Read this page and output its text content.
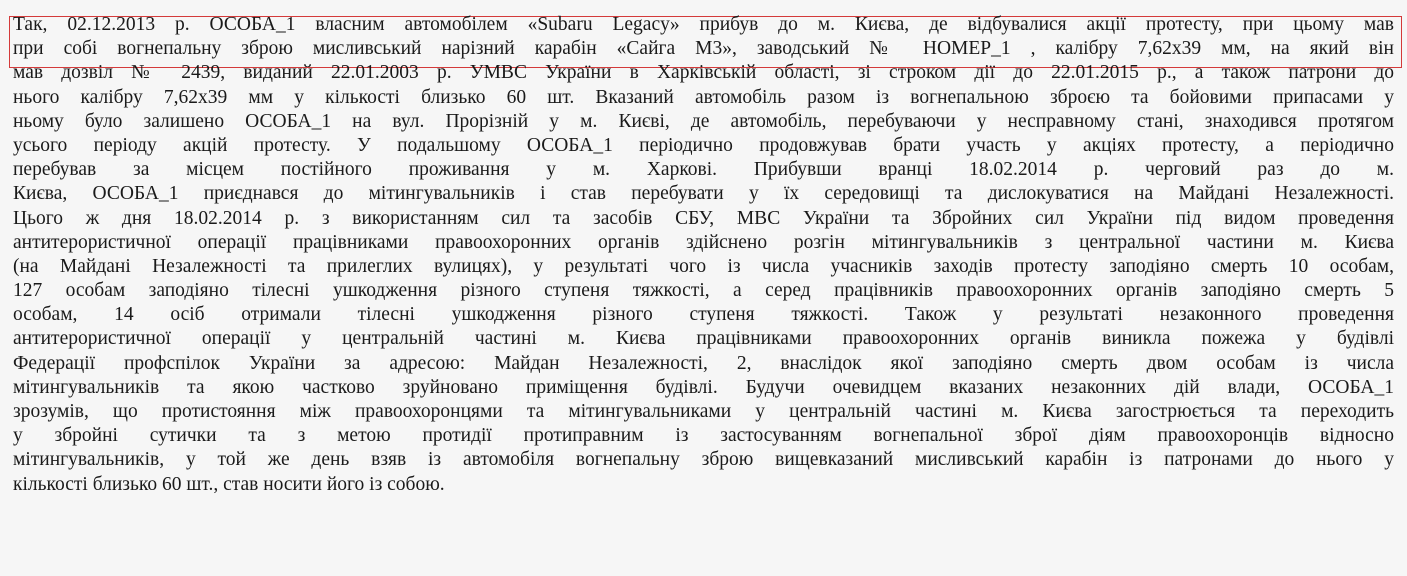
Так, 02.12.2013 р. ОСОБА_1 власним автомобілем «Subaru Legacy» прибув до м. Києва, де відбувалися акції протесту, при цьому мав
при собі вогнепальну зброю мисливський нарізний карабін «Сайга М3», заводський № НОМЕР_1 , калібру 7,62х39 мм, на який він
мав дозвіл № 2439, виданий 22.01.2003 р. УМВС України в Харківській області, зі строком дії до 22.01.2015 р., а також патрони до
нього калібру 7,62х39 мм у кількості близько 60 шт. Вказаний автомобіль разом із вогнепальною зброєю та бойовими припасами у
ньому було залишено ОСОБА_1 на вул. Прорізній у м. Києві, де автомобіль, перебуваючи у несправному стані, знаходився протягом
усього періоду акцій протесту. У подальшому ОСОБА_1 періодично продовжував брати участь у акціях протесту, а періодично
перебував за місцем постійного проживання у м. Харкові. Прибувши вранці 18.02.2014 р. черговий раз до м.
Києва, ОСОБА_1 приєднався до мітингувальників і став перебувати у їх середовищі та дислокуватися на Майдані Незалежності.
Цього ж дня 18.02.2014 р. з використанням сил та засобів СБУ, МВС України та Збройних сил України під видом проведення
антитерористичної операції працівниками правоохоронних органів здійснено розгін мітингувальників з центральної частини м. Києва
(на Майдані Незалежності та прилеглих вулицях), у результаті чого із числа учасників заходів протесту заподіяно смерть 10 особам,
127 особам заподіяно тілесні ушкодження різного ступеня тяжкості, а серед працівників правоохоронних органів заподіяно смерть 5
особам, 14 осіб отримали тілесні ушкодження різного ступеня тяжкості. Також у результаті незаконного проведення
антитерористичної операції у центральній частині м. Києва працівниками правоохоронних органів виникла пожежа у будівлі
Федерації профспілок України за адресою: Майдан Незалежності, 2, внаслідок якої заподіяно смерть двом особам із числа
мітингувальників та якою частково зруйновано приміщення будівлі. Будучи очевидцем вказаних незаконних дій влади, ОСОБА_1
зрозумів, що протистояння між правоохоронцями та мітингувальниками у центральній частині м. Києва загострюється та переходить
у збройні сутички та з метою протидії протиправним із застосуванням вогнепальної зброї діям правоохоронців відносно
мітингувальників, у той же день взяв із автомобіля вогнепальну зброю вищевказаний мисливський карабін із патронами до нього у
кількості близько 60 шт., став носити його із собою.
